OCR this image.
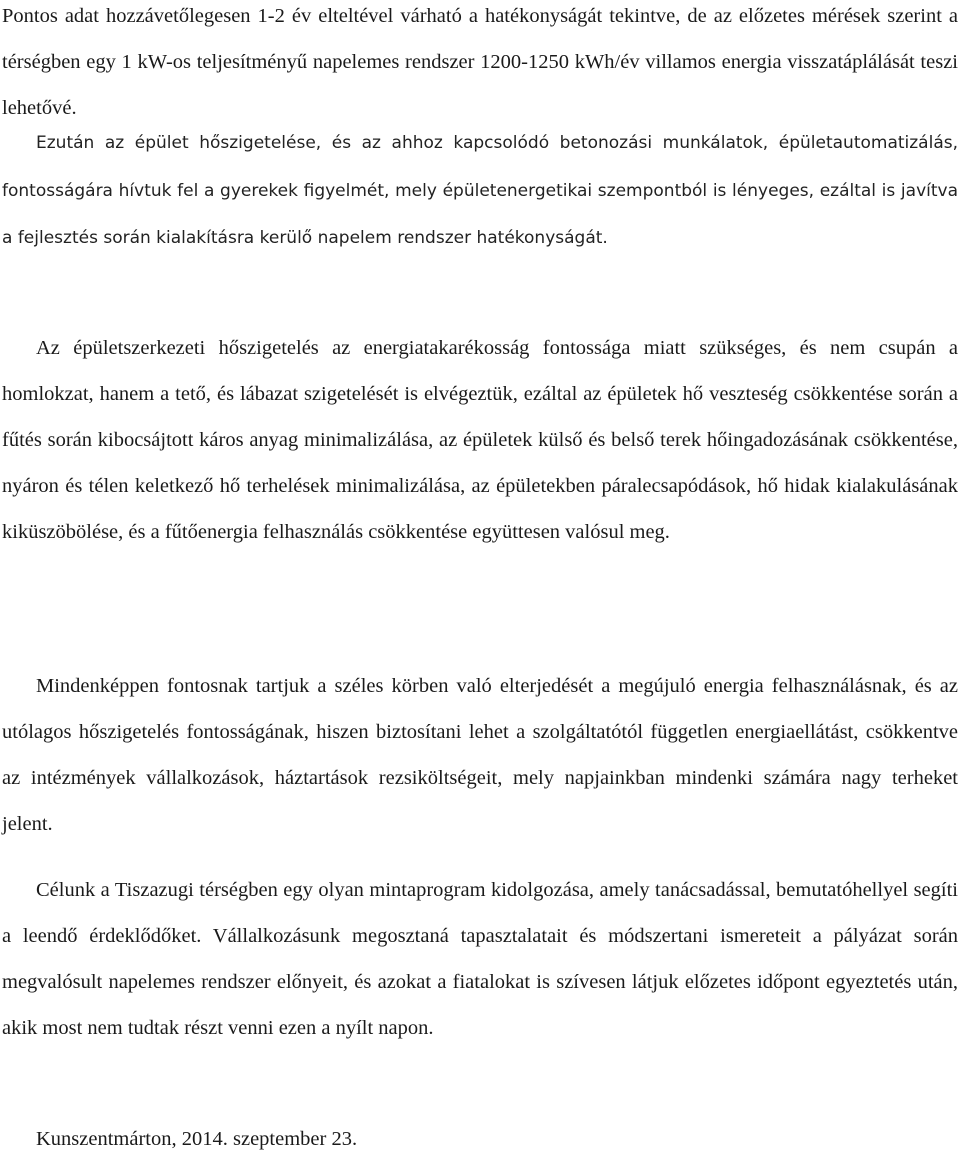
Pontos adat hozzávetőlegesen 1-2 év elteltével várható a hatékonyságát tekintve, de az előzetes mérések szerint a térségben egy 1 kW-os teljesítményű napelemes rendszer 1200-1250 kWh/év villamos energia visszatáplálását teszi lehetővé.

Ezután az épület hőszigetelése, és az ahhoz kapcsolódó betonozási munkálatok, épületautomatizálás, fontosságára hívtuk fel a gyerekek figyelmét, mely épületenergetikai szempontból is lényeges, ezáltal is javítva a fejlesztés során kialakításra kerülő napelem rendszer hatékonyságát.

Az épületszerkezeti hőszigetelés az energiatakarékosság fontossága miatt szükséges, és nem csupán a homlokzat, hanem a tető, és lábazat szigetelését is elvégeztük, ezáltal az épületek hő veszteség csökkentése során a fűtés során kibocsájtott káros anyag minimalizálása, az épületek külső és belső terek hőingadozásának csökkentése, nyáron és télen keletkező hő terhelések minimalizálása, az épületekben páralecsapódások, hő hidak kialakulásának kiküszöbölése, és a fűtőenergia felhasználás csökkentése együttesen valósul meg.

Mindenképpen fontosnak tartjuk a széles körben való elterjedését a megújuló energia felhasználásnak, és az utólagos hőszigetelés fontosságának, hiszen biztosítani lehet a szolgáltatótól független energiaellátást, csökkentve az intézmények vállalkozások, háztartások rezsiköltségeit, mely napjainkban mindenki számára nagy terheket jelent.

Célunk a Tiszazugi térségben egy olyan mintaprogram kidolgozása, amely tanácsadással, bemutatóhellyel segíti a leendő érdeklődőket. Vállalkozásunk megosztaná tapasztalatait és módszertani ismereteit a pályázat során megvalósult napelemes rendszer előnyeit, és azokat a fiatalokat is szívesen látjuk előzetes időpont egyeztetés után, akik most nem tudtak részt venni ezen a nyílt napon.

Kunszentmárton, 2014. szeptember 23.
